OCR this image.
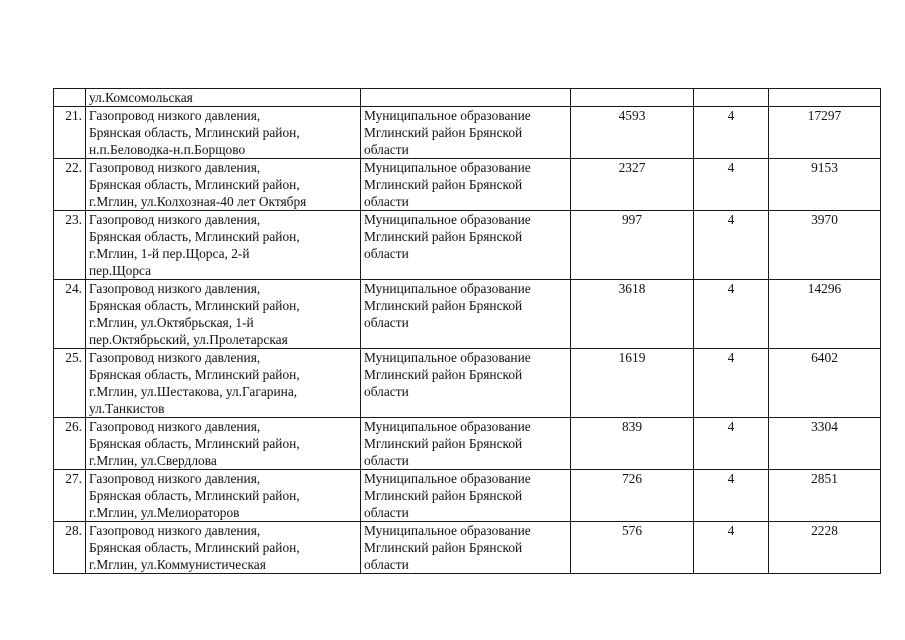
	ул.Комсомольская				

21.	Газопровод низкого давления,
Брянская область, Мглинский район,
н.п.Беловодка-н.п.Борщово	Муниципальное образование
Мглинский район Брянской
области	4593	4	17297
22.	Газопровод низкого давления,
Брянская область, Мглинский район,
г.Мглин, ул.Колхозная-40 лет Октября	Муниципальное образование
Мглинский район Брянской
области	2327	4	9153
23.	Газопровод низкого давления,
Брянская область, Мглинский район,
г.Мглин, 1-й пер.Щорса, 2-й
пер.Щорса	Муниципальное образование
Мглинский район Брянской
области	997	4	3970
24.	Газопровод низкого давления,
Брянская область, Мглинский район,
г.Мглин, ул.Октябрьская, 1-й
пер.Октябрьский, ул.Пролетарская	Муниципальное образование
Мглинский район Брянской
области	3618	4	14296
25.	Газопровод низкого давления,
Брянская область, Мглинский район,
г.Мглин, ул.Шестакова, ул.Гагарина,
ул.Танкистов	Муниципальное образование
Мглинский район Брянской
области	1619	4	6402
26.	Газопровод низкого давления,
Брянская область, Мглинский район,
г.Мглин, ул.Свердлова	Муниципальное образование
Мглинский район Брянской
области	839	4	3304
27.	Газопровод низкого давления,
Брянская область, Мглинский район,
г.Мглин, ул.Мелиораторов	Муниципальное образование
Мглинский район Брянской
области	726	4	2851
28.	Газопровод низкого давления,
Брянская область, Мглинский район,
г.Мглин, ул.Коммунистическая	Муниципальное образование
Мглинский район Брянской
области	576	4	2228
